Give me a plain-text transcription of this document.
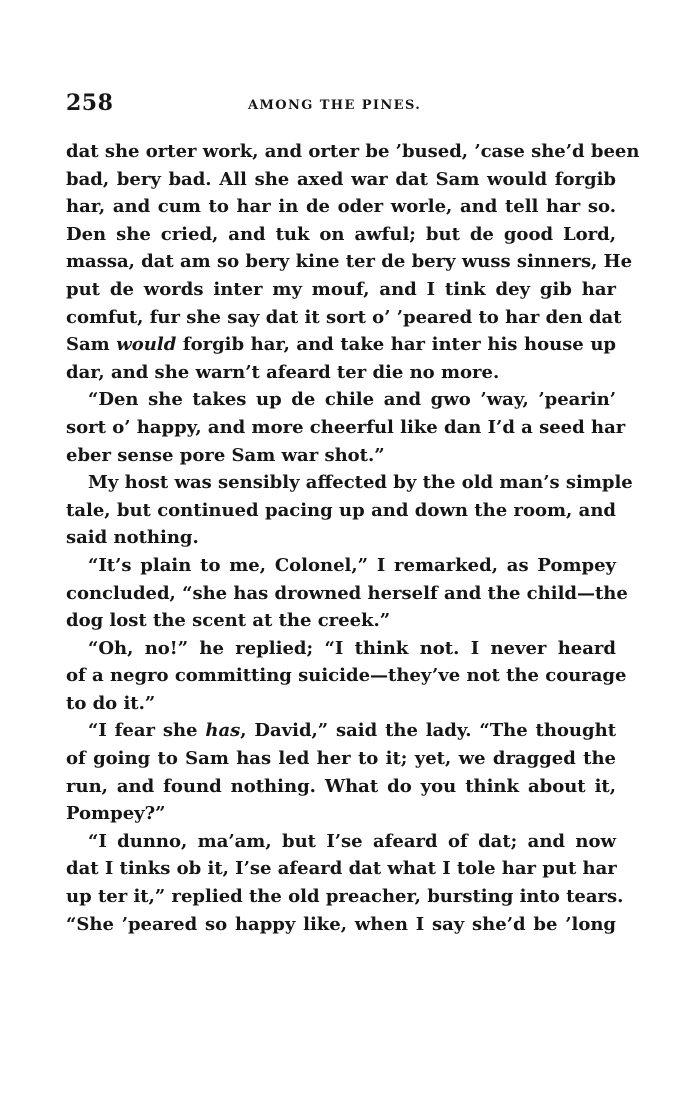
258	AMONG THE PINES.
dat she orter work, and orter be ’bused, ’case she’d been
bad, bery bad. All she axed war dat Sam would forgib
har, and cum to har in de oder worle, and tell har so.
Den she cried, and tuk on awful; but de good Lord,
massa, dat am so bery kine ter de bery wuss sinners, He
put de words inter my mouf, and I tink dey gib har
comfut, fur she say dat it sort o’ ’peared to har den dat
Sam would forgib har, and take har inter his house up
dar, and she warn’t afeard ter die no more.
“Den she takes up de chile and gwo ’way, ’pearin’
sort o’ happy, and more cheerful like dan I’d a seed har
eber sense pore Sam war shot.”
My host was sensibly affected by the old man’s simple
tale, but continued pacing up and down the room, and
said nothing.
“It’s plain to me, Colonel,” I remarked, as Pompey
concluded, “she has drowned herself and the child—the
dog lost the scent at the creek.”
“Oh, no!” he replied; “I think not. I never heard
of a negro committing suicide—they’ve not the courage
to do it.”
“I fear she has, David,” said the lady. “The thought
of going to Sam has led her to it; yet, we dragged the
run, and found nothing. What do you think about it,
Pompey?”
“I dunno, ma’am, but I’se afeard of dat; and now
dat I tinks ob it, I’se afeard dat what I tole har put har
up ter it,” replied the old preacher, bursting into tears.
“She ’peared so happy like, when I say she’d be ’long
